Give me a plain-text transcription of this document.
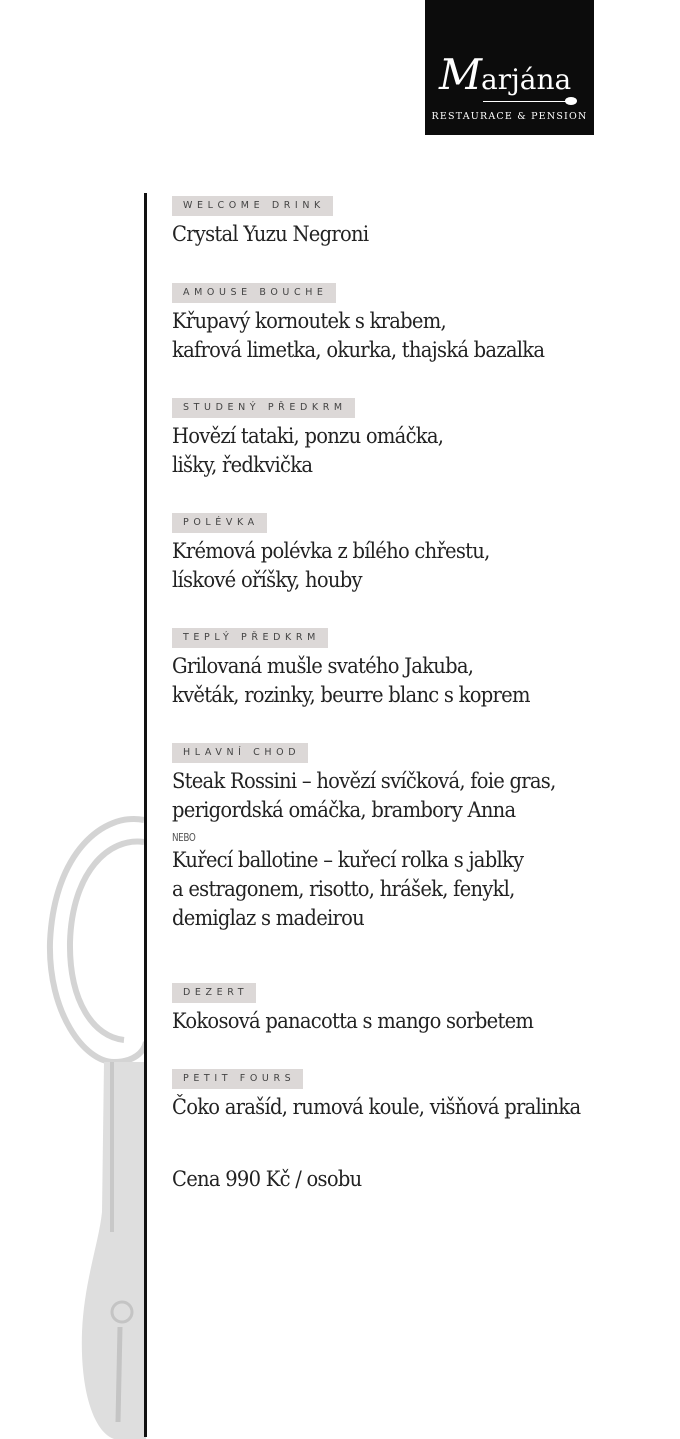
Marjána
RESTAURACE & PENSION
WELCOME DRINK
Crystal Yuzu Negroni
AMOUSE BOUCHE
Křupavý kornoutek s krabem,
kafrová limetka, okurka, thajská bazalka
STUDENÝ PŘEDKRM
Hovězí tataki, ponzu omáčka,
lišky, ředkvička
POLÉVKA
Krémová polévka z bílého chřestu,
lískové oříšky, houby
TEPLÝ PŘEDKRM
Grilovaná mušle svatého Jakuba,
květák, rozinky, beurre blanc s koprem
HLAVNÍ CHOD
Steak Rossini – hovězí svíčková, foie gras,
perigordská omáčka, brambory Anna
NEBO
Kuřecí ballotine – kuřecí rolka s jablky
a estragonem, risotto, hrášek, fenykl,
demiglaz s madeirou
DEZERT
Kokosová panacotta s mango sorbetem
PETIT FOURS
Čoko arašíd, rumová koule, višňová pralinka
Cena 990 Kč / osobu
